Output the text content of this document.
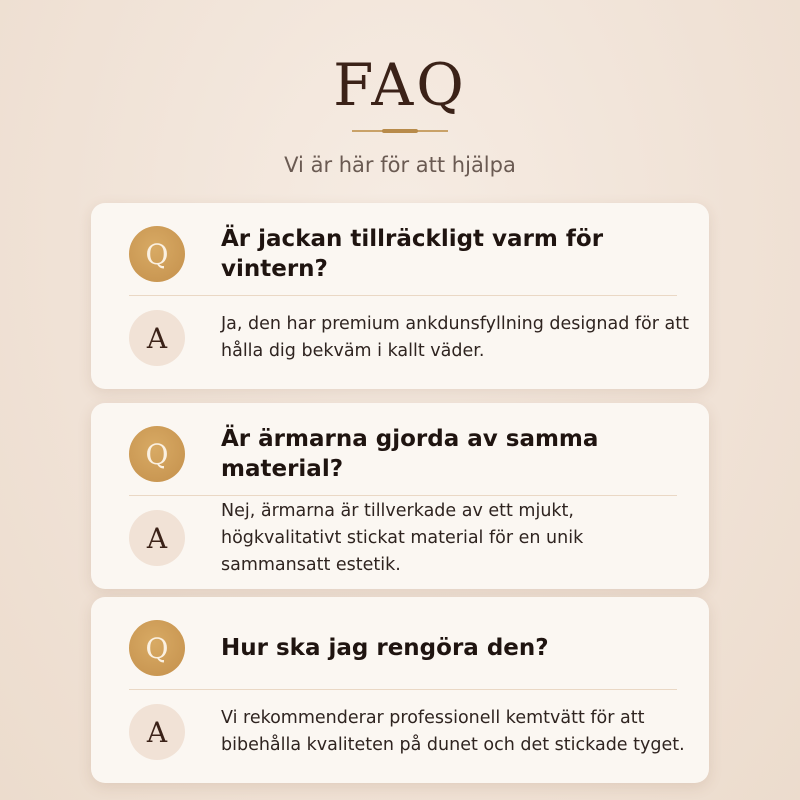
FAQ
Vi är här för att hjälpa
Q	Är jackan tillräckligt varm för vintern?
A	Ja, den har premium ankdunsfyllning designad för att hålla dig bekväm i kallt väder.
Q	Är ärmarna gjorda av samma material?
A
Nej, ärmarna är tillverkade av ett mjukt, högkvalitativt stickat material för en unik sammansatt estetik.
Q	Hur ska jag rengöra den?
A	Vi rekommenderar professionell kemtvätt för att bibehålla kvaliteten på dunet och det stickade tyget.
